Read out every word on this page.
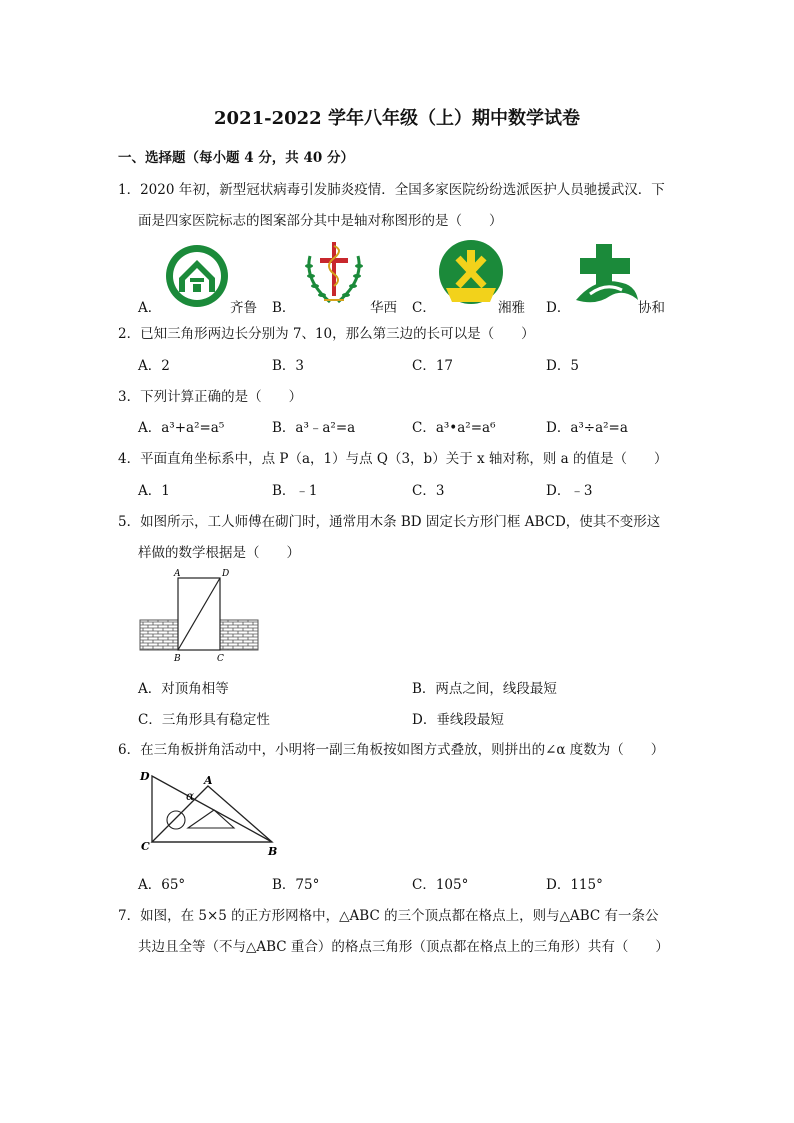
2021-2022 学年八年级（上）期中数学试卷
一、选择题（每小题 4 分，共 40 分）
1．2020 年初，新型冠状病毒引发肺炎疫情．全国多家医院纷纷选派医护人员驰援武汉．下
面是四家医院标志的图案部分其中是轴对称图形的是（　　）
A．	齐鲁 B．	华西 C．	湘雅 D．	协和
2．已知三角形两边长分别为 7、10，那么第三边的长可以是（　　）
A．2	B．3	C．17	D．5
3．下列计算正确的是（　　）
A．a³+a²=a⁵	B．a³﹣a²=a	C．a³•a²=a⁶	D．a³÷a²=a
4．平面直角坐标系中，点 P（a，1）与点 Q（3，b）关于 x 轴对称，则 a 的值是（　　）
A．1	B．﹣1	C．3	D．﹣3
5．如图所示，工人师傅在砌门时，通常用木条 BD 固定长方形门框 ABCD，使其不变形这
样做的数学根据是（　　）
A	D
B	C
A．对顶角相等	B．两点之间，线段最短
C．三角形具有稳定性	D．垂线段最短
6．在三角板拼角活动中，小明将一副三角板按如图方式叠放，则拼出的∠α 度数为（　　）
D	A
α
C	B
A．65°	B．75°	C．105°	D．115°
7．如图，在 5×5 的正方形网格中，△ABC 的三个顶点都在格点上，则与△ABC 有一条公
共边且全等（不与△ABC 重合）的格点三角形（顶点都在格点上的三角形）共有（　　）
